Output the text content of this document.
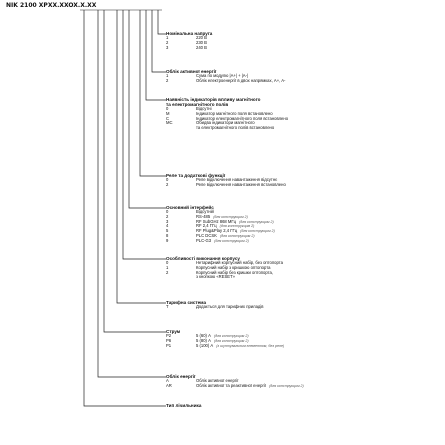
NIK 2100 XPXX.XXOX.X.XX
Номінальна напруга
1	220 В
2	230 В
3	240 В
Облік активної енергії
1	Сума по модулю |A+| + |A-|
2	Облік електроенергії в двох напрямках, A+, A-
Наявність індикаторів впливу магнітного
та електромагнітного полів
0	Відсутні
M	Індикатор магнітного поля встановлено
C	Індикатор електромагнітного поля встановлено
MC	Обидва індикатори магнітного
та електромагнітного полів встановлено
Реле та додаткові функції
0	Реле відключення навантаження відсутнє
2	Реле відключення навантаження встановлено
Основний інтерфейс
0	Відсутній
2	RS-485 (для конструкцим 2)
3	RF SubGHz 868 МГц (для конструкцим 2)
4	RF 2,4 ГГц (для конструкцим 2)
5	RF Plug&Play 2,4 ГГц (для конструкцим 2)
8	PLC DCSK (для конструкцим 2)
9	PLC-G3 (для конструкцим 2)
Особливості виконання корпусу
0	Нетарифний корпусний набір, без оптопорта
1	Корпусний набір з кришкою оптопорта
2	Корпусний набір без кришки оптопорта,
з кнопкою «RESET»
Тарифна система
T	Додається для тарифних приладів
Струм
P2	5 (60) А (для конструкцим 2)
P6	5 (80) А (для конструкцим 2)
P1	5 (100) А (з шунтувальним елементом, без реле)
Облік енергії
A	Облік активної енергії
AR	Облік активної та реактивної енергії (для конструкцим 2)
Тип лічильника
